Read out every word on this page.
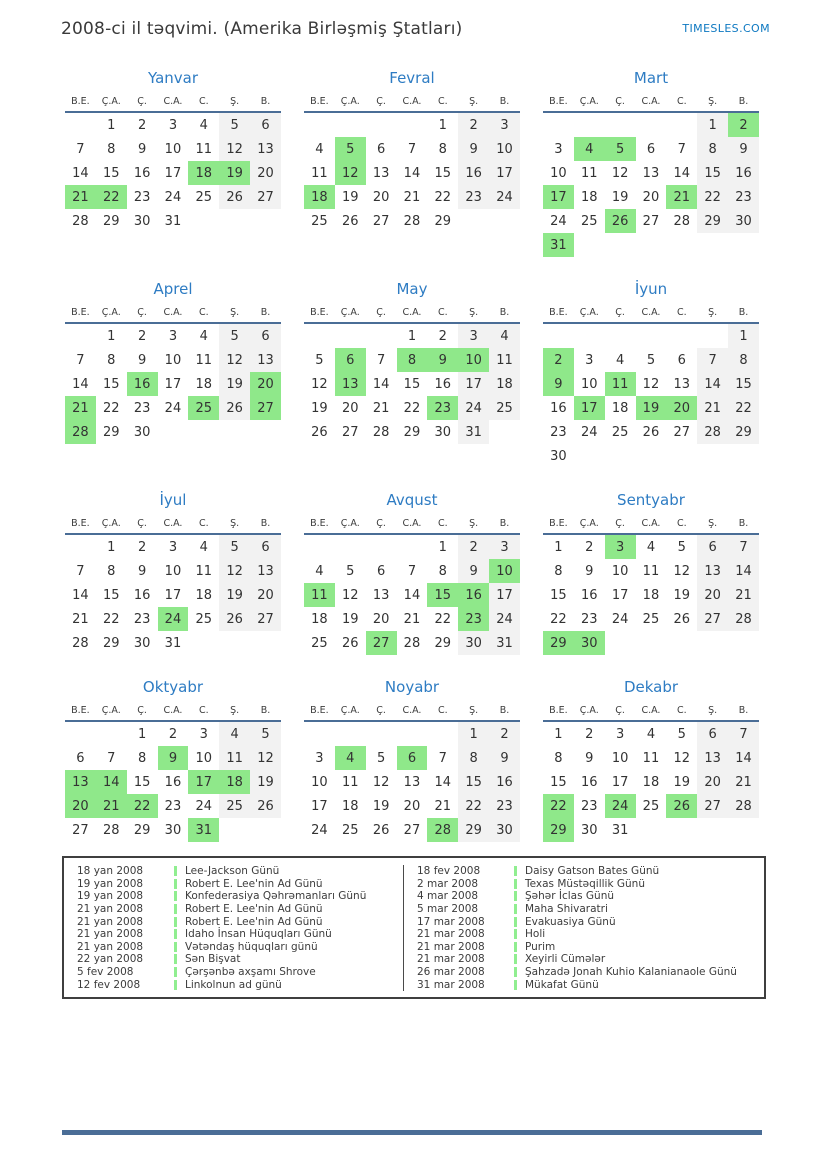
2008-ci il təqvimi. (Amerika Birləşmiş Ştatları)	TIMESLES.COM
Yanvar
B.E.	Ç.A.	Ç.	C.A.	C.	Ş.	B.
	1	2	3	4	5	6
7	8	9	10	11	12	13
14	15	16	17	18	19	20
21	22	23	24	25	26	27
28	29	30	31			
Fevral
B.E.	Ç.A.	Ç.	C.A.	C.	Ş.	B.
				1	2	3
4	5	6	7	8	9	10
11	12	13	14	15	16	17
18	19	20	21	22	23	24
25	26	27	28	29		
Mart
B.E.	Ç.A.	Ç.	C.A.	C.	Ş.	B.
					1	2
3	4	5	6	7	8	9
10	11	12	13	14	15	16
17	18	19	20	21	22	23
24	25	26	27	28	29	30
31						
Aprel
B.E.	Ç.A.	Ç.	C.A.	C.	Ş.	B.
	1	2	3	4	5	6
7	8	9	10	11	12	13
14	15	16	17	18	19	20
21	22	23	24	25	26	27
28	29	30				
May
B.E.	Ç.A.	Ç.	C.A.	C.	Ş.	B.
			1	2	3	4
5	6	7	8	9	10	11
12	13	14	15	16	17	18
19	20	21	22	23	24	25
26	27	28	29	30	31	
İyun
B.E.	Ç.A.	Ç.	C.A.	C.	Ş.	B.
						1
2	3	4	5	6	7	8
9	10	11	12	13	14	15
16	17	18	19	20	21	22
23	24	25	26	27	28	29
30						
İyul
B.E.	Ç.A.	Ç.	C.A.	C.	Ş.	B.
	1	2	3	4	5	6
7	8	9	10	11	12	13
14	15	16	17	18	19	20
21	22	23	24	25	26	27
28	29	30	31			
Avqust
B.E.	Ç.A.	Ç.	C.A.	C.	Ş.	B.
				1	2	3
4	5	6	7	8	9	10
11	12	13	14	15	16	17
18	19	20	21	22	23	24
25	26	27	28	29	30	31
Sentyabr
B.E.	Ç.A.	Ç.	C.A.	C.	Ş.	B.
1	2	3	4	5	6	7
8	9	10	11	12	13	14
15	16	17	18	19	20	21
22	23	24	25	26	27	28
29	30					
Oktyabr
B.E.	Ç.A.	Ç.	C.A.	C.	Ş.	B.
		1	2	3	4	5
6	7	8	9	10	11	12
13	14	15	16	17	18	19
20	21	22	23	24	25	26
27	28	29	30	31		
Noyabr
B.E.	Ç.A.	Ç.	C.A.	C.	Ş.	B.
					1	2
3	4	5	6	7	8	9
10	11	12	13	14	15	16
17	18	19	20	21	22	23
24	25	26	27	28	29	30
Dekabr
B.E.	Ç.A.	Ç.	C.A.	C.	Ş.	B.
1	2	3	4	5	6	7
8	9	10	11	12	13	14
15	16	17	18	19	20	21
22	23	24	25	26	27	28
29	30	31				
18 yan 2008	Lee-Jackson Günü
19 yan 2008	Robert E. Lee'nin Ad Günü
19 yan 2008	Konfederasiya Qəhrəmanları Günü
21 yan 2008	Robert E. Lee'nin Ad Günü
21 yan 2008	Robert E. Lee'nin Ad Günü
21 yan 2008	Idaho İnsan Hüquqları Günü
21 yan 2008	Vətəndaş hüquqları günü
22 yan 2008	Sən Bişvat
5 fev 2008	Çərşənbə axşamı Shrove
12 fev 2008	Linkolnun ad günü
18 fev 2008	Daisy Gatson Bates Günü
2 mar 2008	Texas Müstəqillik Günü
4 mar 2008	Şəhər İclas Günü
5 mar 2008	Maha Shivaratri
17 mar 2008	Evakuasiya Günü
21 mar 2008	Holi
21 mar 2008	Purim
21 mar 2008	Xeyirli Cümələr
26 mar 2008	Şahzadə Jonah Kuhio Kalanianaole Günü
31 mar 2008	Mükafat Günü
